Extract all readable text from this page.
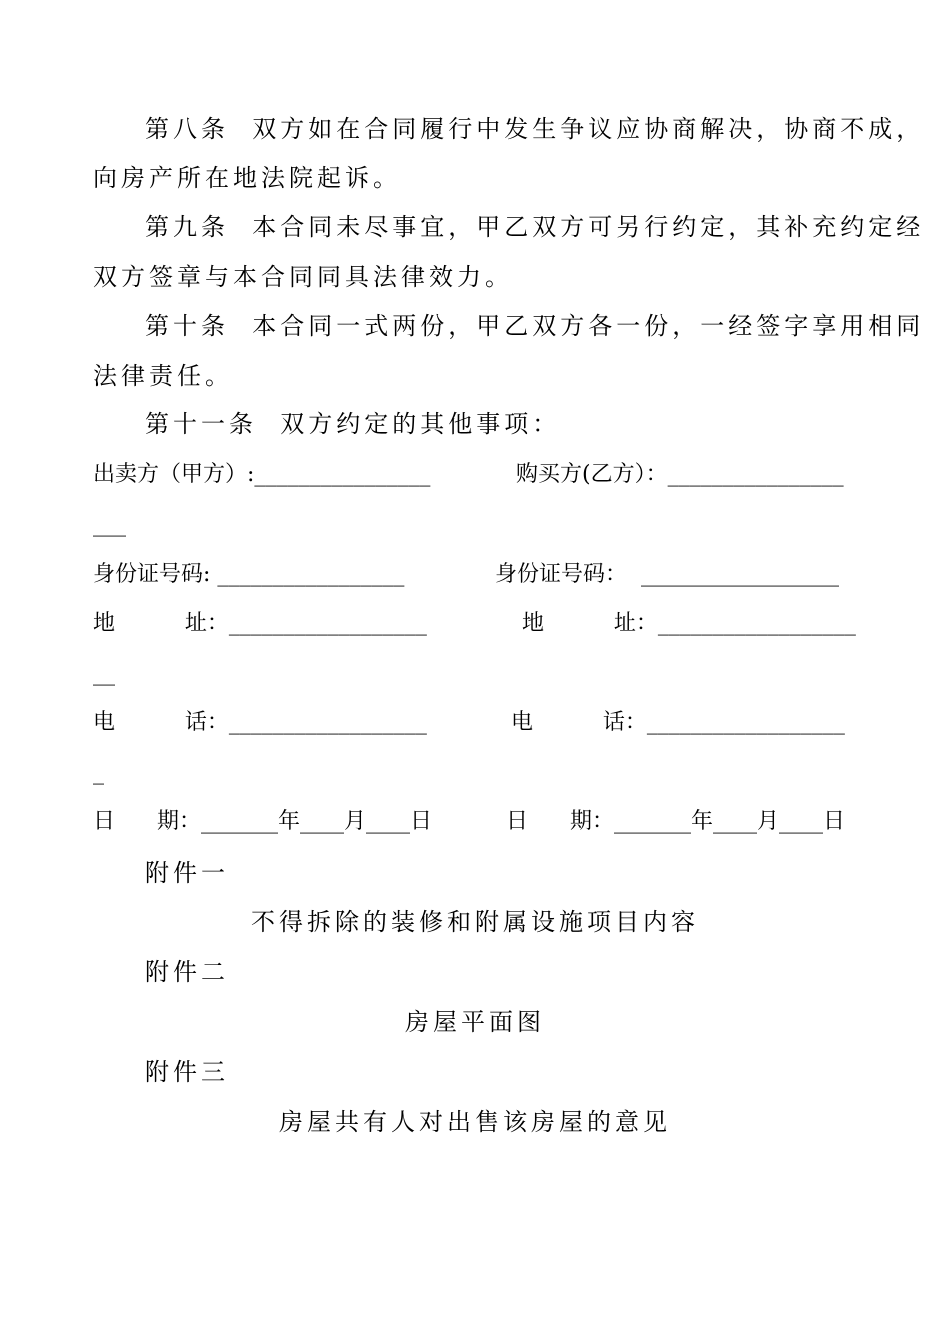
第八条  双方如在合同履行中发生争议应协商解决，协商不成，
向房产所在地法院起诉。
第九条  本合同未尽事宜，甲乙双方可另行约定，其补充约定经
双方签章与本合同同具法律效力。
第十条  本合同一式两份，甲乙双方各一份，一经签字享用相同
法律责任。
第十一条  双方约定的其他事项：
出卖方（甲方）:________________	购买方(乙方）：________________
___
身份证号码: _________________	身份证号码：  __________________
地          址：__________________	地          址：__________________
__
电          话：__________________	电          话：__________________
_
日      期：_______年____月____日	日      期：_______年____月____日
附件一
不得拆除的装修和附属设施项目内容
附件二
房屋平面图
附件三
房屋共有人对出售该房屋的意见
